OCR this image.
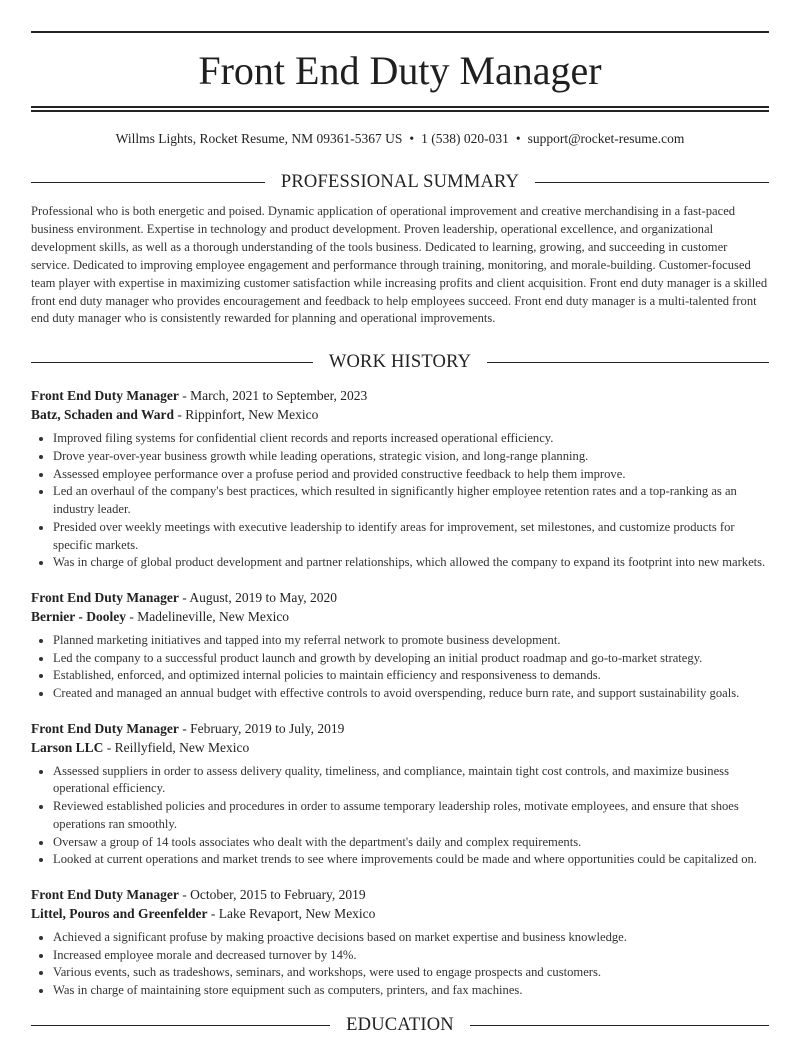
Front End Duty Manager
Willms Lights, Rocket Resume, NM 09361-5367 US • 1 (538) 020-031 • support@rocket-resume.com
PROFESSIONAL SUMMARY
Professional who is both energetic and poised. Dynamic application of operational improvement and creative merchandising in a fast-paced business environment. Expertise in technology and product development. Proven leadership, operational excellence, and organizational development skills, as well as a thorough understanding of the tools business. Dedicated to learning, growing, and succeeding in customer service. Dedicated to improving employee engagement and performance through training, monitoring, and morale-building. Customer-focused team player with expertise in maximizing customer satisfaction while increasing profits and client acquisition. Front end duty manager is a skilled front end duty manager who provides encouragement and feedback to help employees succeed. Front end duty manager is a multi-talented front end duty manager who is consistently rewarded for planning and operational improvements.
WORK HISTORY
Front End Duty Manager - March, 2021 to September, 2023
Batz, Schaden and Ward - Rippinfort, New Mexico
• Improved filing systems for confidential client records and reports increased operational efficiency.
• Drove year-over-year business growth while leading operations, strategic vision, and long-range planning.
• Assessed employee performance over a profuse period and provided constructive feedback to help them improve.
• Led an overhaul of the company's best practices, which resulted in significantly higher employee retention rates and a top-ranking as an industry leader.
• Presided over weekly meetings with executive leadership to identify areas for improvement, set milestones, and customize products for specific markets.
• Was in charge of global product development and partner relationships, which allowed the company to expand its footprint into new markets.
Front End Duty Manager - August, 2019 to May, 2020
Bernier - Dooley - Madelineville, New Mexico
• Planned marketing initiatives and tapped into my referral network to promote business development.
• Led the company to a successful product launch and growth by developing an initial product roadmap and go-to-market strategy.
• Established, enforced, and optimized internal policies to maintain efficiency and responsiveness to demands.
• Created and managed an annual budget with effective controls to avoid overspending, reduce burn rate, and support sustainability goals.
Front End Duty Manager - February, 2019 to July, 2019
Larson LLC - Reillyfield, New Mexico
• Assessed suppliers in order to assess delivery quality, timeliness, and compliance, maintain tight cost controls, and maximize business operational efficiency.
• Reviewed established policies and procedures in order to assume temporary leadership roles, motivate employees, and ensure that shoes operations ran smoothly.
• Oversaw a group of 14 tools associates who dealt with the department's daily and complex requirements.
• Looked at current operations and market trends to see where improvements could be made and where opportunities could be capitalized on.
Front End Duty Manager - October, 2015 to February, 2019
Littel, Pouros and Greenfelder - Lake Revaport, New Mexico
• Achieved a significant profuse by making proactive decisions based on market expertise and business knowledge.
• Increased employee morale and decreased turnover by 14%.
• Various events, such as tradeshows, seminars, and workshops, were used to engage prospects and customers.
• Was in charge of maintaining store equipment such as computers, printers, and fax machines.
EDUCATION
